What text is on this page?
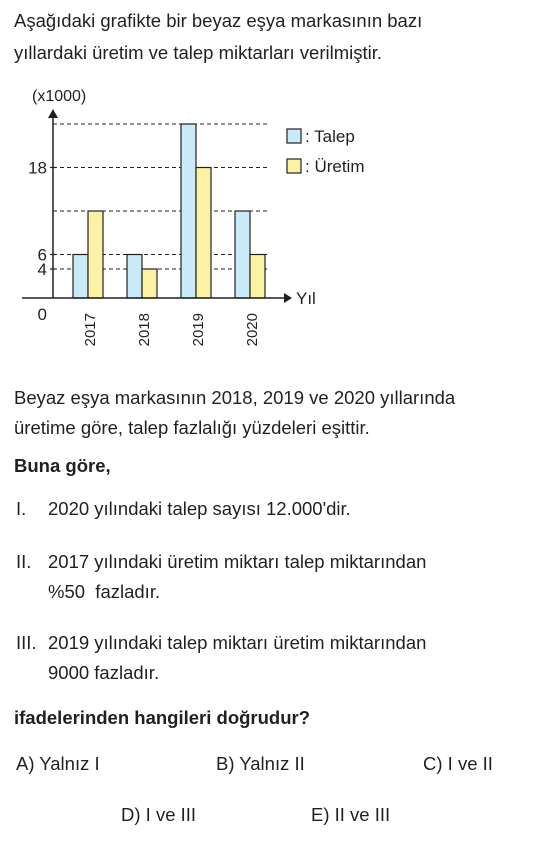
Aşağıdaki grafikte bir beyaz eşya markasının bazı
yıllardaki üretim ve talep miktarları verilmiştir.
(x1000)
Yıl
0
4
6
18
2017 2018 2019 2020
: Talep
: Üretim
Beyaz eşya markasının 2018, 2019 ve 2020 yıllarında
üretime göre, talep fazlalığı yüzdeleri eşittir.
Buna göre,
I. 2020 yılındaki talep sayısı 12.000'dir.
II. 2017 yılındaki üretim miktarı talep miktarından
%50  fazladır.
III. 2019 yılındaki talep miktarı üretim miktarından
9000 fazladır.
ifadelerinden hangileri doğrudur?
A) Yalnız I	B) Yalnız II	C) I ve II
D) I ve III	E) II ve III
